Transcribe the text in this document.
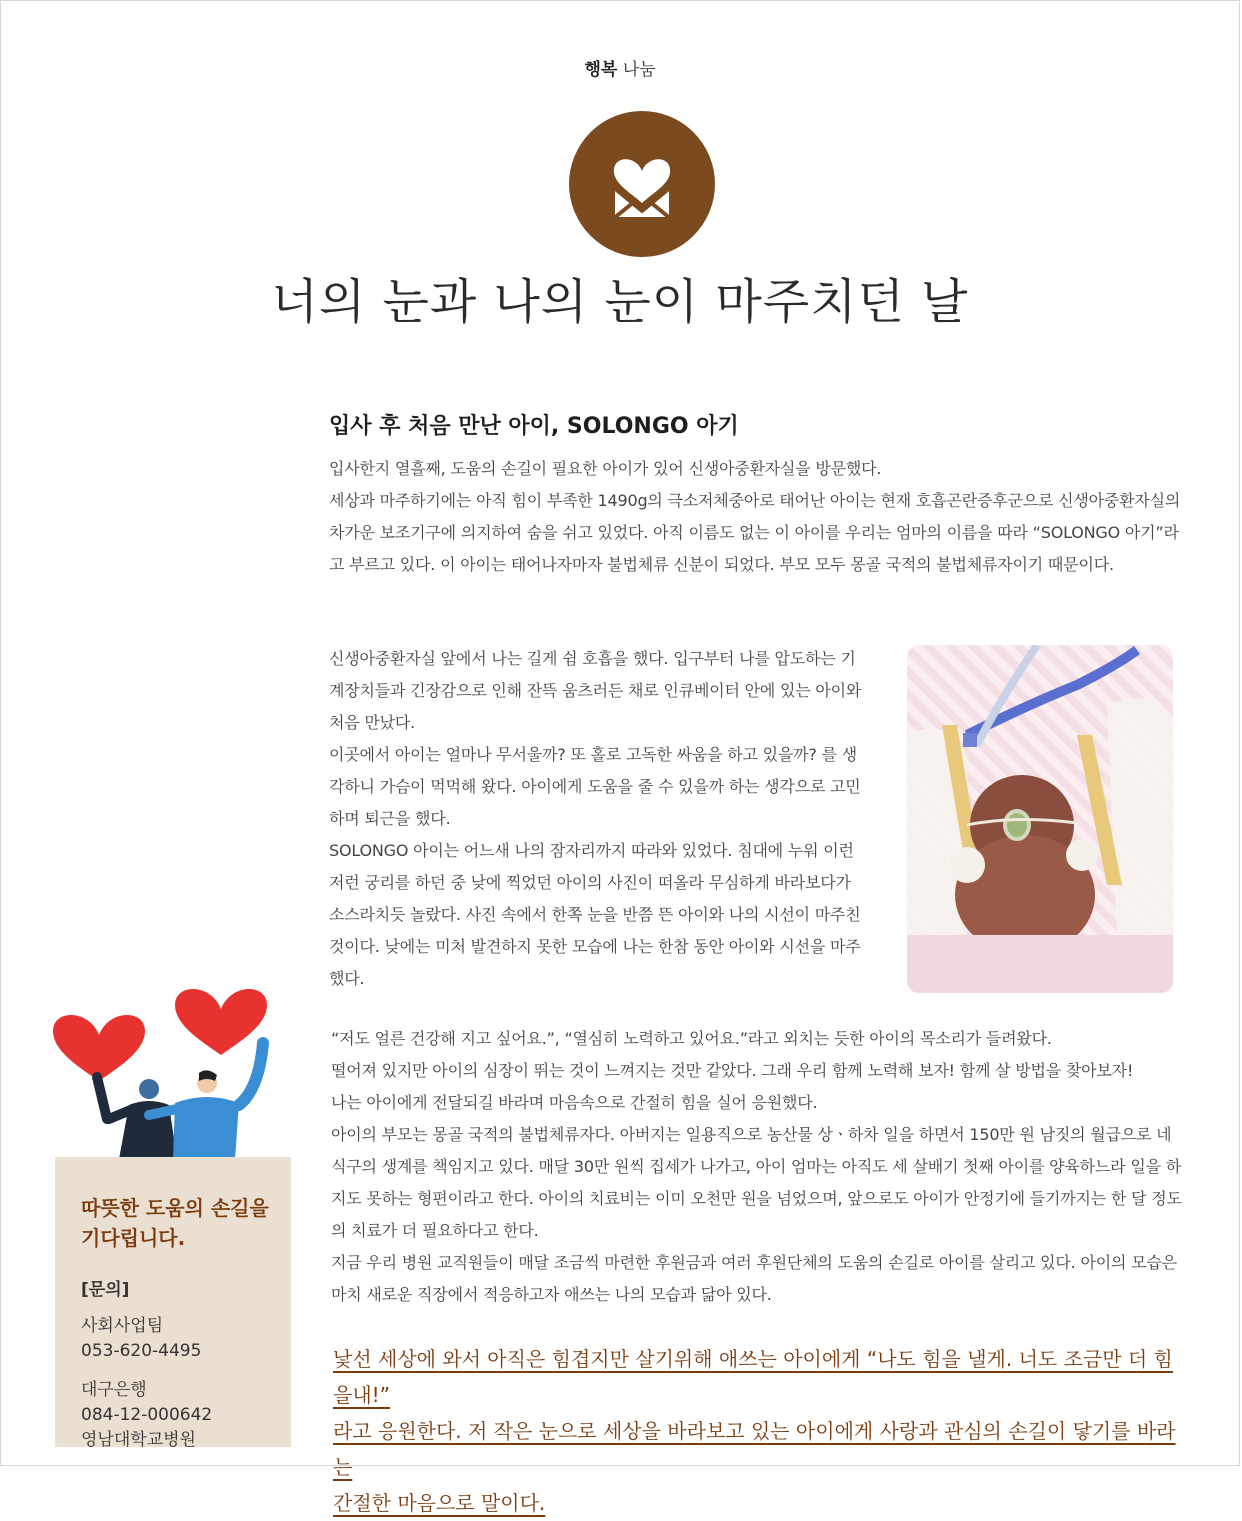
행복 나눔
너의 눈과 나의 눈이 마주치던 날
입사 후 처음 만난 아이, SOLONGO 아기

입사한지 열흘째, 도움의 손길이 필요한 아이가 있어 신생아중환자실을 방문했다.

세상과 마주하기에는 아직 힘이 부족한 1490g의 극소저체중아로 태어난 아이는 현재 호흡곤란증후군으로 신생아중환자실의 차가운 보조기구에 의지하여 숨을 쉬고 있었다. 아직 이름도 없는 이 아이를 우리는 엄마의 이름을 따라 “SOLONGO 아기”라고 부르고 있다. 이 아이는 태어나자마자 불법체류 신분이 되었다. 부모 모두 몽골 국적의 불법체류자이기 때문이다.

신생아중환자실 앞에서 나는 길게 쉼 호흡을 했다. 입구부터 나를 압도하는 기계장치들과 긴장감으로 인해 잔뜩 움츠러든 채로 인큐베이터 안에 있는 아이와 처음 만났다.

이곳에서 아이는 얼마나 무서울까? 또 홀로 고독한 싸움을 하고 있을까? 를 생각하니 가슴이 먹먹해 왔다. 아이에게 도움을 줄 수 있을까 하는 생각으로 고민하며 퇴근을 했다.

SOLONGO 아이는 어느새 나의 잠자리까지 따라와 있었다. 침대에 누워 이런저런 궁리를 하던 중 낮에 찍었던 아이의 사진이 떠올라 무심하게 바라보다가 소스라치듯 놀랐다. 사진 속에서 한쪽 눈을 반쯤 뜬 아이와 나의 시선이 마주친 것이다. 낮에는 미처 발견하지 못한 모습에 나는 한참 동안 아이와 시선을 마주했다.

“저도 얼른 건강해 지고 싶어요.”, “열심히 노력하고 있어요.”라고 외치는 듯한 아이의 목소리가 들려왔다.

떨어져 있지만 아이의 심장이 뛰는 것이 느껴지는 것만 같았다. 그래 우리 함께 노력해 보자! 함께 살 방법을 찾아보자!

나는 아이에게 전달되길 바라며 마음속으로 간절히 힘을 실어 응원했다.

아이의 부모는 몽골 국적의 불법체류자다. 아버지는 일용직으로 농산물 상ㆍ하차 일을 하면서 150만 원 남짓의 월급으로 네 식구의 생계를 책임지고 있다. 매달 30만 원씩 집세가 나가고, 아이 엄마는 아직도 세 살배기 첫째 아이를 양육하느라 일을 하지도 못하는 형편이라고 한다. 아이의 치료비는 이미 오천만 원을 넘었으며, 앞으로도 아이가 안정기에 들기까지는 한 달 정도의 치료가 더 필요하다고 한다.

지금 우리 병원 교직원들이 매달 조금씩 마련한 후원금과 여러 후원단체의 도움의 손길로 아이를 살리고 있다. 아이의 모습은 마치 새로운 직장에서 적응하고자 애쓰는 나의 모습과 닮아 있다.

낯선 세상에 와서 아직은 힘겹지만 살기위해 애쓰는 아이에게 “나도 힘을 낼게. 너도 조금만 더 힘을내!”

라고 응원한다. 저 작은 눈으로 세상을 바라보고 있는 아이에게 사랑과 관심의 손길이 닿기를 바라는

간절한 마음으로 말이다.

따뜻한 도움의 손길을
기다립니다.
[문의]
사회사업팀
053-620-4495
대구은행
084-12-000642
영남대학교병원
